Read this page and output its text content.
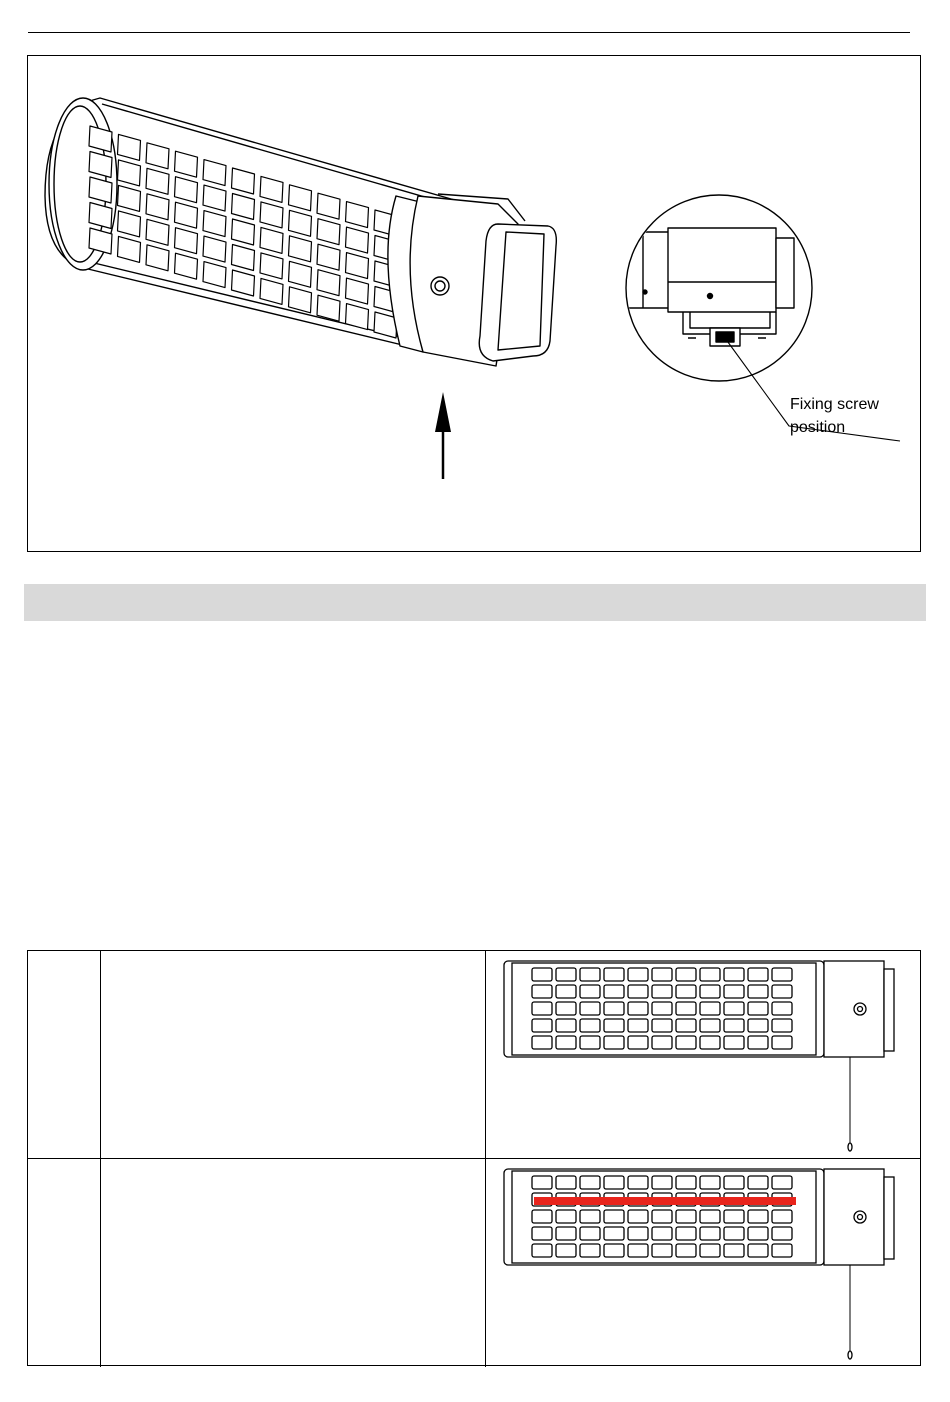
Fixing screw
position
